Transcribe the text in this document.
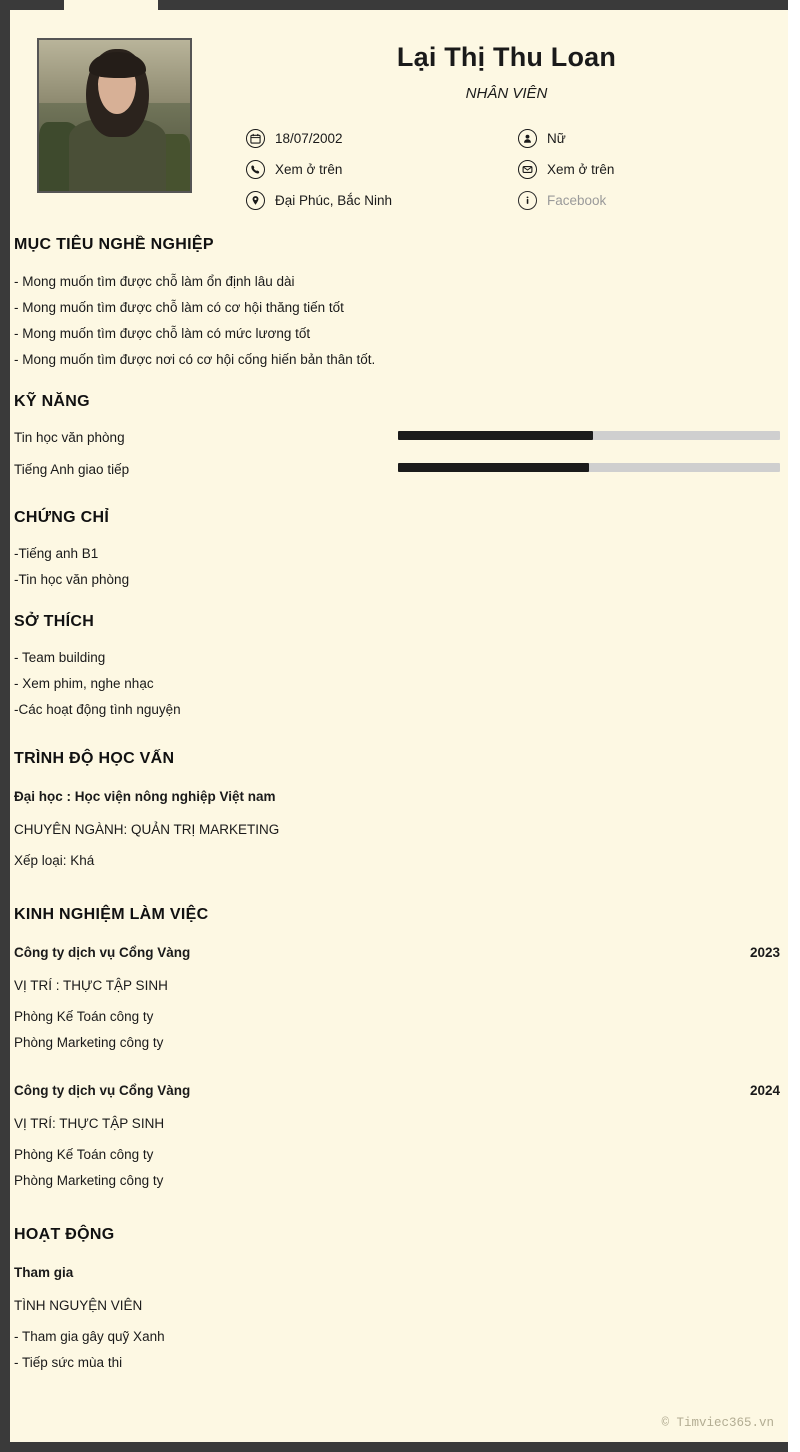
Lại Thị Thu Loan
NHÂN VIÊN
18/07/2002
Xem ở trên
Đại Phúc, Bắc Ninh
Nữ
Xem ở trên
Facebook
MỤC TIÊU NGHỀ NGHIỆP
- Mong muốn tìm được chỗ làm ổn định lâu dài
- Mong muốn tìm được chỗ làm có cơ hội thăng tiến tốt
- Mong muốn tìm được chỗ làm có mức lương tốt
- Mong muốn tìm được nơi có cơ hội cống hiến bản thân tốt.
KỸ NĂNG
Tin học văn phòng
Tiếng Anh giao tiếp
CHỨNG CHỈ
-Tiếng anh B1
-Tin học văn phòng
SỞ THÍCH
- Team building
- Xem phim, nghe nhạc
-Các hoạt động tình nguyện
TRÌNH ĐỘ HỌC VẤN
Đại học : Học viện nông nghiệp Việt nam
CHUYÊN NGÀNH: QUẢN TRỊ MARKETING
Xếp loại: Khá
KINH NGHIỆM LÀM VIỆC
Công ty dịch vụ Cổng Vàng	2023
VỊ TRÍ : THỰC TẬP SINH
Phòng Kế Toán công ty
Phòng Marketing công ty
Công ty dịch vụ Cổng Vàng	2024
VỊ TRÍ: THỰC TẬP SINH
Phòng Kế Toán công ty
Phòng Marketing công ty
HOẠT ĐỘNG
Tham gia
TÌNH NGUYỆN VIÊN
- Tham gia gây quỹ Xanh
- Tiếp sức mùa thi
© Timviec365.vn
